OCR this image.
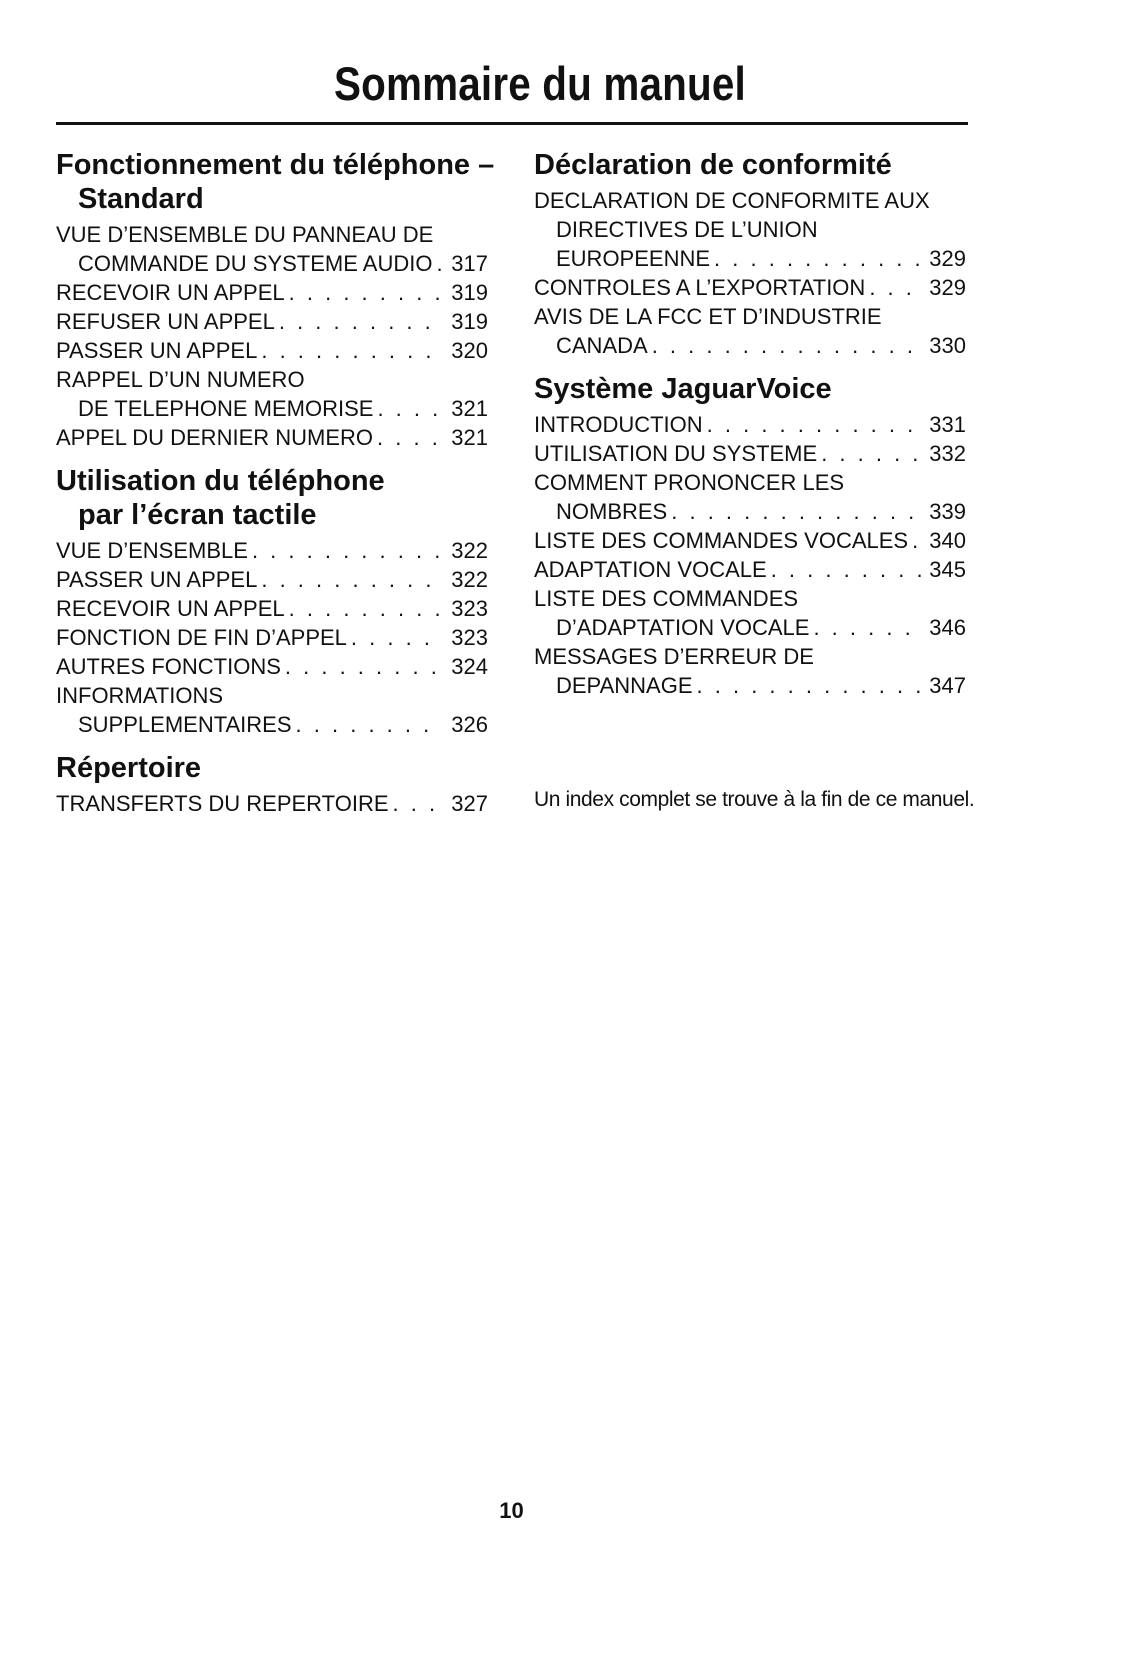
Sommaire du manuel
Fonctionnement du téléphone –
Standard
VUE D’ENSEMBLE DU PANNEAU DE
COMMANDE DU SYSTEME AUDIO . . . 317
RECEVOIR UN APPEL . . .	319
REFUSER UN APPEL . . .	319
PASSER UN APPEL . . .	320
RAPPEL D’UN NUMERO
DE TELEPHONE MEMORISE . . .	321
APPEL DU DERNIER NUMERO . . .	321
Utilisation du téléphone
par l’écran tactile
VUE D’ENSEMBLE . . .	322
PASSER UN APPEL . . .	322
RECEVOIR UN APPEL . . .	323
FONCTION DE FIN D’APPEL . . .	323
AUTRES FONCTIONS . . .	324
INFORMATIONS
SUPPLEMENTAIRES . . .	326
Répertoire
TRANSFERTS DU REPERTOIRE . . .	327
Déclaration de conformité
DECLARATION DE CONFORMITE AUX
DIRECTIVES DE L’UNION
EUROPEENNE . . .	329
CONTROLES A L’EXPORTATION . . .	329
AVIS DE LA FCC ET D’INDUSTRIE
CANADA . . .	330
Système JaguarVoice
INTRODUCTION . . .	331
UTILISATION DU SYSTEME . . .	332
COMMENT PRONONCER LES
NOMBRES . . .	339
LISTE DES COMMANDES VOCALES . . . 340
ADAPTATION VOCALE . . .	345
LISTE DES COMMANDES
D’ADAPTATION VOCALE . . .	346
MESSAGES D’ERREUR DE
DEPANNAGE . . .	347
Un index complet se trouve à la fin de ce manuel.
10
